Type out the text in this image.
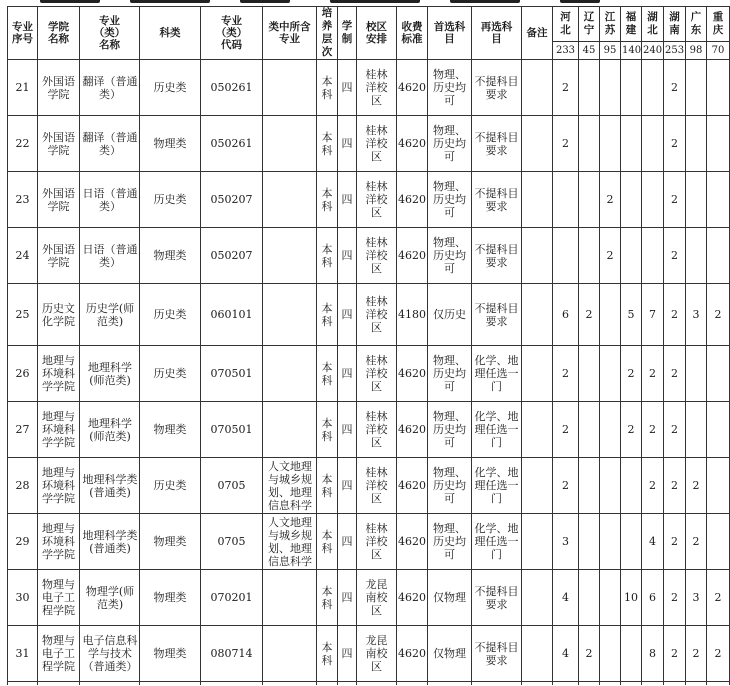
专业序号	学院名称	专业（类）名称	科类	专业（类）代码	类中所含专业	培养层次	学制	校区安排	收费标准	首选科目	再选科目	备注	河北	辽宁	江苏	福建	湖北	湖南	广东	重庆
													233	45	95	140	240	253	98	70
21	外国语学院	翻译（普通类）	历史类	050261		本科	四	桂林洋校区	4620	物理、历史均可	不提科目要求		2					2		
22	外国语学院	翻译（普通类）	物理类	050261		本科	四	桂林洋校区	4620	物理、历史均可	不提科目要求		2					2		
23	外国语学院	日语（普通类）	历史类	050207		本科	四	桂林洋校区	4620	物理、历史均可	不提科目要求				2			2		
24	外国语学院	日语（普通类）	物理类	050207		本科	四	桂林洋校区	4620	物理、历史均可	不提科目要求				2			2		
25	历史文化学院	历史学(师范类)	历史类	060101		本科	四	桂林洋校区	4180	仅历史	不提科目要求		6	2		5	7	2	3	2
26	地理与环境科学学院	地理科学(师范类)	历史类	070501		本科	四	桂林洋校区	4620	物理、历史均可	化学、地理任选一门		2			2	2	2		
27	地理与环境科学学院	地理科学(师范类)	物理类	070501		本科	四	桂林洋校区	4620	物理、历史均可	化学、地理任选一门		2			2	2	2		
28	地理与环境科学学院	地理科学类(普通类)	历史类	0705	人文地理与城乡规划、地理信息科学	本科	四	桂林洋校区	4620	物理、历史均可	化学、地理任选一门		2				2	2	2	
29	地理与环境科学学院	地理科学类(普通类)	物理类	0705	人文地理与城乡规划、地理信息科学	本科	四	桂林洋校区	4620	物理、历史均可	化学、地理任选一门		3				4	2	2	
30	物理与电子工程学院	物理学(师范类)	物理类	070201		本科	四	龙昆南校区	4620	仅物理	不提科目要求		4			10	6	2	3	2
31	物理与电子工程学院	电子信息科学与技术（普通类）	物理类	080714		本科	四	龙昆南校区	4620	仅物理	不提科目要求		4	2			8	2	2	2
